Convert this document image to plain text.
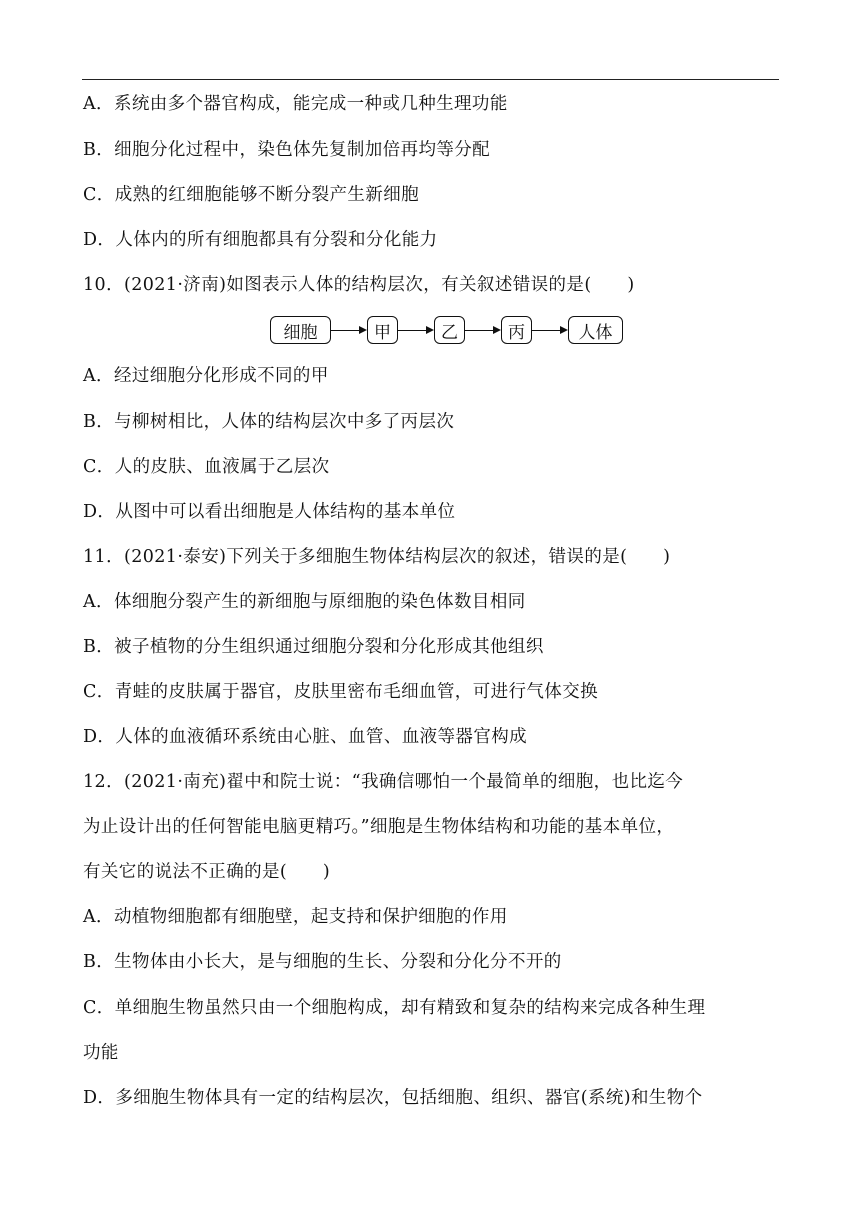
A．系统由多个器官构成，能完成一种或几种生理功能
B．细胞分化过程中，染色体先复制加倍再均等分配
C．成熟的红细胞能够不断分裂产生新细胞
D．人体内的所有细胞都具有分裂和分化能力
10．(2021·济南)如图表示人体的结构层次，有关叙述错误的是(　　)
细胞	甲	乙	丙	人体
A．经过细胞分化形成不同的甲
B．与柳树相比，人体的结构层次中多了丙层次
C．人的皮肤、血液属于乙层次
D．从图中可以看出细胞是人体结构的基本单位
11．(2021·泰安)下列关于多细胞生物体结构层次的叙述，错误的是(　　)
A．体细胞分裂产生的新细胞与原细胞的染色体数目相同
B．被子植物的分生组织通过细胞分裂和分化形成其他组织
C．青蛙的皮肤属于器官，皮肤里密布毛细血管，可进行气体交换
D．人体的血液循环系统由心脏、血管、血液等器官构成
12．(2021·南充)翟中和院士说：“我确信哪怕一个最简单的细胞，也比迄今
为止设计出的任何智能电脑更精巧。”细胞是生物体结构和功能的基本单位，
有关它的说法不正确的是(　　)
A．动植物细胞都有细胞壁，起支持和保护细胞的作用
B．生物体由小长大，是与细胞的生长、分裂和分化分不开的
C．单细胞生物虽然只由一个细胞构成，却有精致和复杂的结构来完成各种生理
功能
D．多细胞生物体具有一定的结构层次，包括细胞、组织、器官(系统)和生物个
